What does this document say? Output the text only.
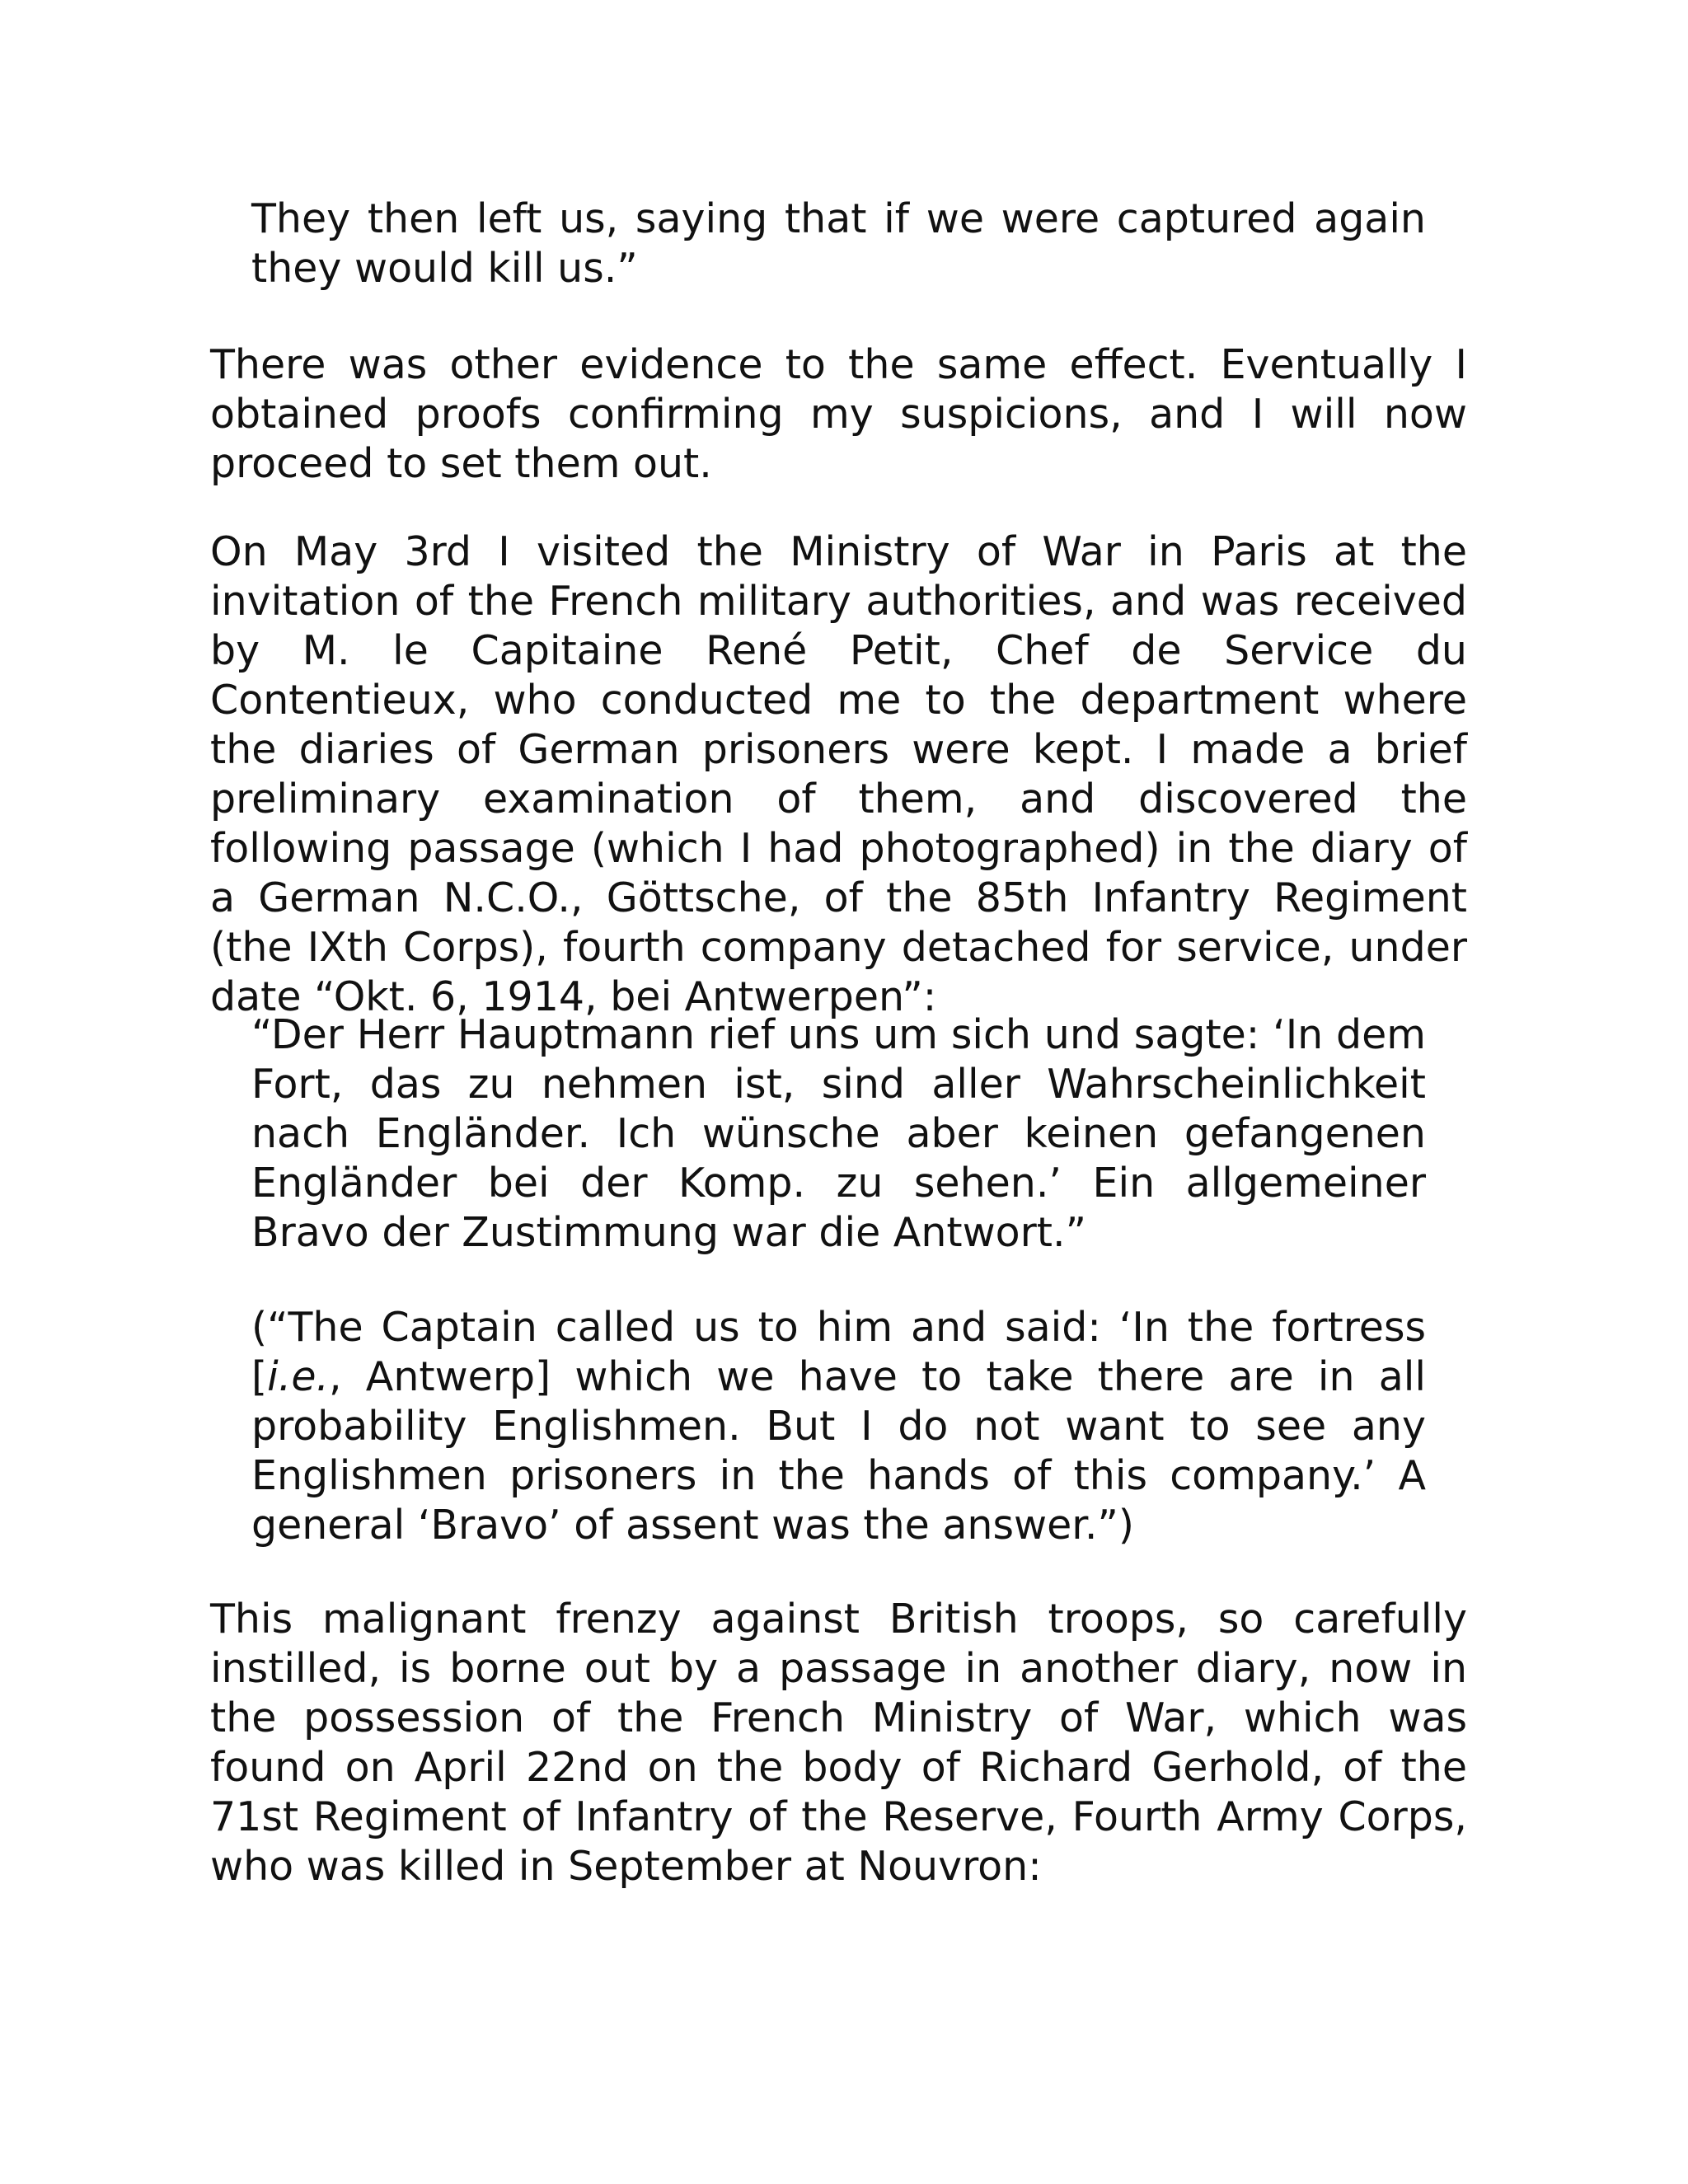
They then left us, saying that if we were captured again they would kill us.”

There was other evidence to the same effect. Eventually I obtained proofs confirming my suspicions, and I will now proceed to set them out.

On May 3rd I visited the Ministry of War in Paris at the invitation of the French military authorities, and was received by M. le Capitaine René Petit, Chef de Service du Contentieux, who conducted me to the department where the diaries of German prisoners were kept. I made a brief preliminary examination of them, and discovered the following passage (which I had photographed) in the diary of a German N.C.O., Göttsche, of the 85th Infantry Regiment (the IXth Corps), fourth company detached for service, under date “Okt. 6, 1914, bei Antwerpen”:

“Der Herr Hauptmann rief uns um sich und sagte: ‘In dem Fort, das zu nehmen ist, sind aller Wahrscheinlichkeit nach Engländer. Ich wünsche aber keinen gefangenen Engländer bei der Komp. zu sehen.’ Ein allgemeiner Bravo der Zustimmung war die Antwort.”

(“The Captain called us to him and said: ‘In the fortress [i.e., Antwerp] which we have to take there are in all probability Englishmen. But I do not want to see any Englishmen prisoners in the hands of this company.’ A general ‘Bravo’ of assent was the answer.”)

This malignant frenzy against British troops, so carefully instilled, is borne out by a passage in another diary, now in the possession of the French Ministry of War, which was found on April 22nd on the body of Richard Gerhold, of the 71st Regiment of Infantry of the Reserve, Fourth Army Corps, who was killed in September at Nouvron:
